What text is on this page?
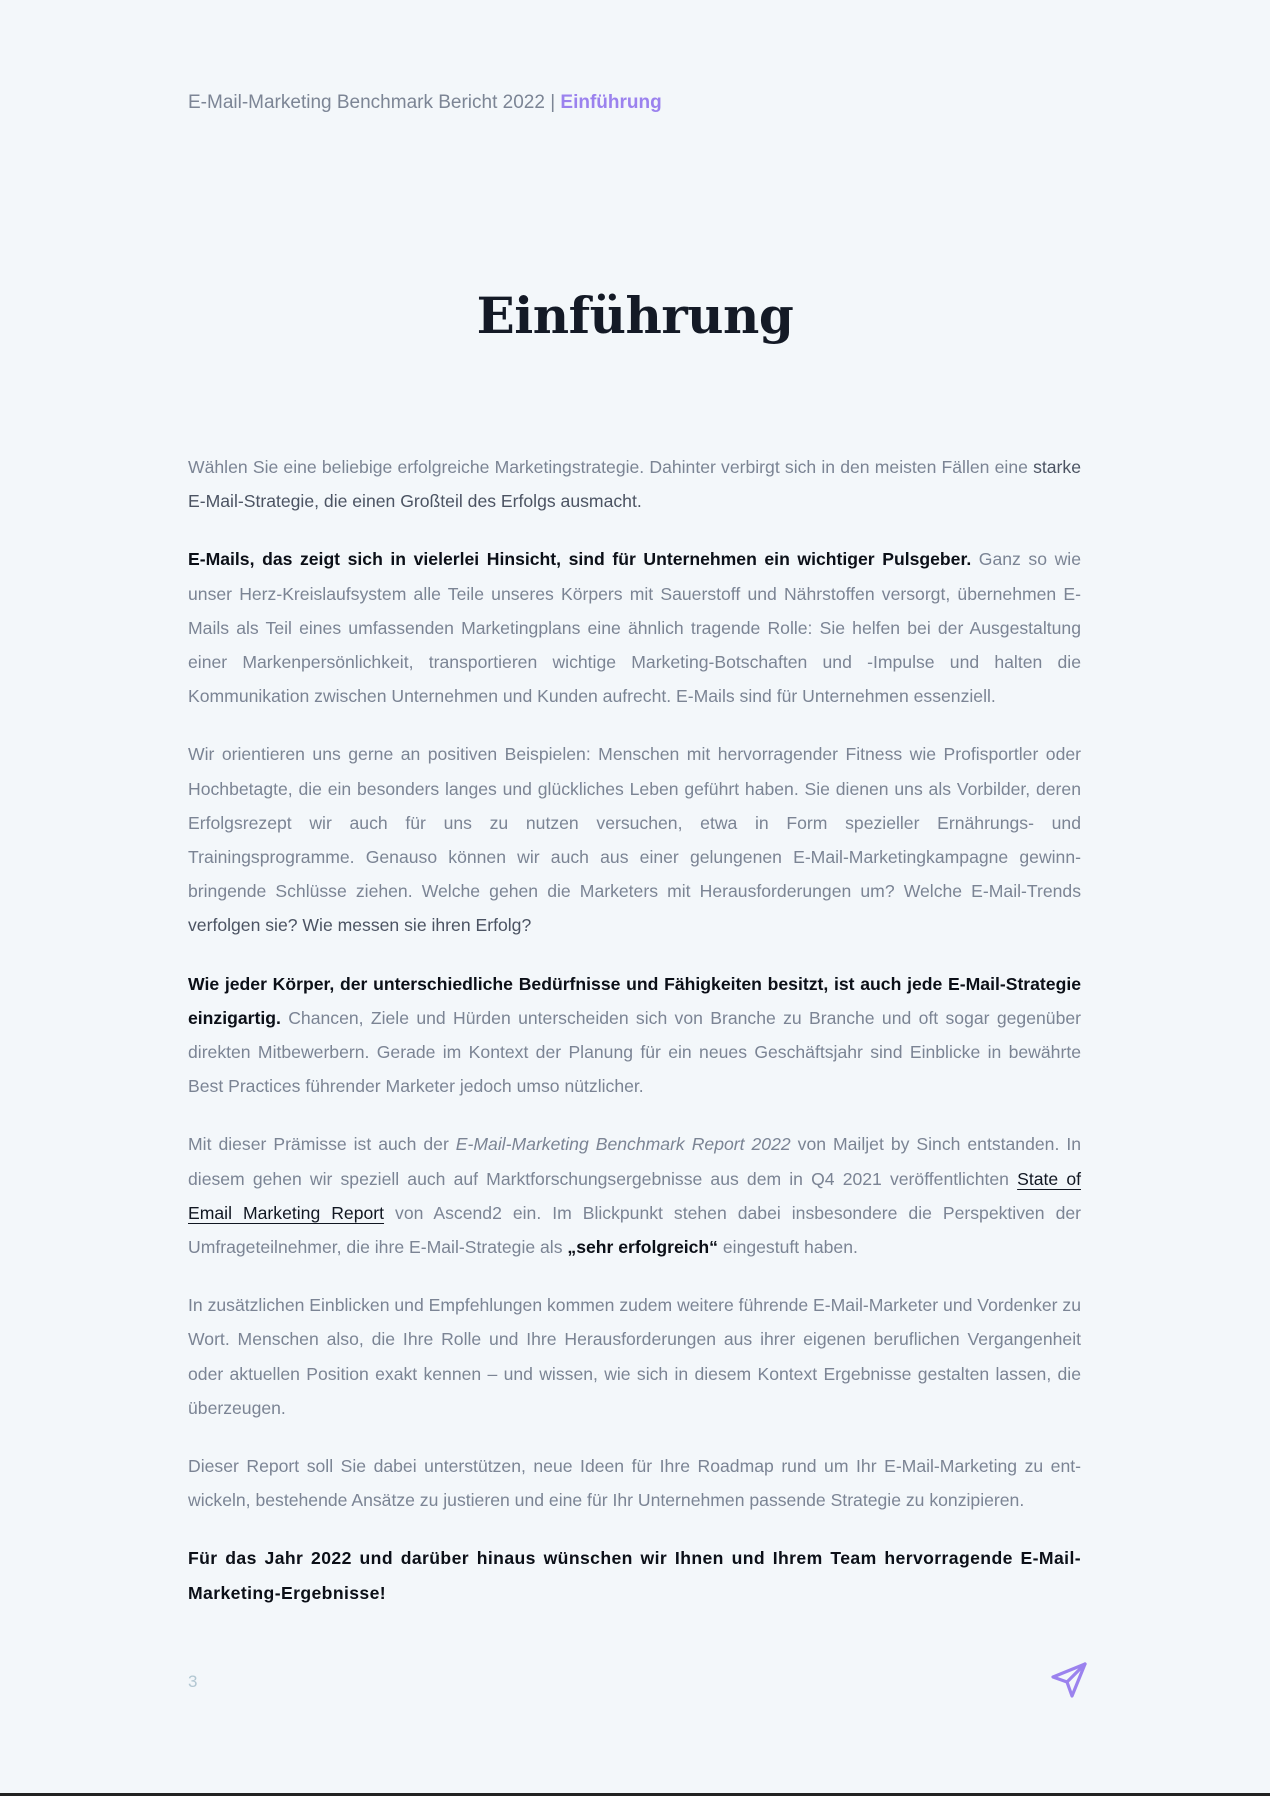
E-Mail-Marketing Benchmark Bericht 2022 | Einführung
Einführung

Wählen Sie eine beliebige erfolgreiche Marketingstrategie. Dahinter verbirgt sich in den meisten Fällen eine starke E-Mail-Strategie, die einen Großteil des Erfolgs ausmacht.

E-Mails, das zeigt sich in vielerlei Hinsicht, sind für Unternehmen ein wichtiger Pulsgeber. Ganz so wie unser Herz-Kreislaufsystem alle Teile unseres Körpers mit Sauerstoff und Nährstoffen versorgt, übernehmen E-Mails als Teil eines umfassenden Marketingplans eine ähnlich tragende Rolle: Sie helfen bei der Ausgestaltung einer Markenpersönlichkeit, transportieren wichtige Marketing-Botschaften und -Impulse und halten die Kommunikation zwischen Unternehmen und Kunden aufrecht. E-Mails sind für Unternehmen essenziell.

Wir orientieren uns gerne an positiven Beispielen: Menschen mit hervorragender Fitness wie Profisportler oder Hochbetagte, die ein besonders langes und glückliches Leben geführt haben. Sie dienen uns als Vorbilder, deren Erfolgsrezept wir auch für uns zu nutzen versuchen, etwa in Form spezieller Ernährungs- und Trainingsprogramme. Genauso können wir auch aus einer gelungenen E-Mail-Marketingkampagne gewinnbringende Schlüsse ziehen. Welche gehen die Marketers mit Herausforderungen um? Welche E-Mail-Trends verfolgen sie? Wie messen sie ihren Erfolg?

Wie jeder Körper, der unterschiedliche Bedürfnisse und Fähigkeiten besitzt, ist auch jede E-Mail-Strategie einzigartig. Chancen, Ziele und Hürden unterscheiden sich von Branche zu Branche und oft sogar gegenüber direkten Mitbewerbern. Gerade im Kontext der Planung für ein neues Geschäftsjahr sind Einblicke in bewährte Best Practices führender Marketer jedoch umso nützlicher.

Mit dieser Prämisse ist auch der E-Mail-Marketing Benchmark Report 2022 von Mailjet by Sinch entstanden. In diesem gehen wir speziell auch auf Marktforschungsergebnisse aus dem in Q4 2021 veröffentlichten State of Email Marketing Report von Ascend2 ein. Im Blickpunkt stehen dabei insbesondere die Perspektiven der Umfrageteilnehmer, die ihre E-Mail-Strategie als „sehr erfolgreich“ eingestuft haben.

In zusätzlichen Einblicken und Empfehlungen kommen zudem weitere führende E-Mail-Marketer und Vordenker zu Wort. Menschen also, die Ihre Rolle und Ihre Herausforderungen aus ihrer eigenen beruflichen Vergangenheit oder aktuellen Position exakt kennen – und wissen, wie sich in diesem Kontext Ergebnisse gestalten lassen, die überzeugen.

Dieser Report soll Sie dabei unterstützen, neue Ideen für Ihre Roadmap rund um Ihr E-Mail-Marketing zu entwickeln, bestehende Ansätze zu justieren und eine für Ihr Unternehmen passende Strategie zu konzipieren.

Für das Jahr 2022 und darüber hinaus wünschen wir Ihnen und Ihrem Team hervorragende E-Mail-Marketing-Ergebnisse!

3
